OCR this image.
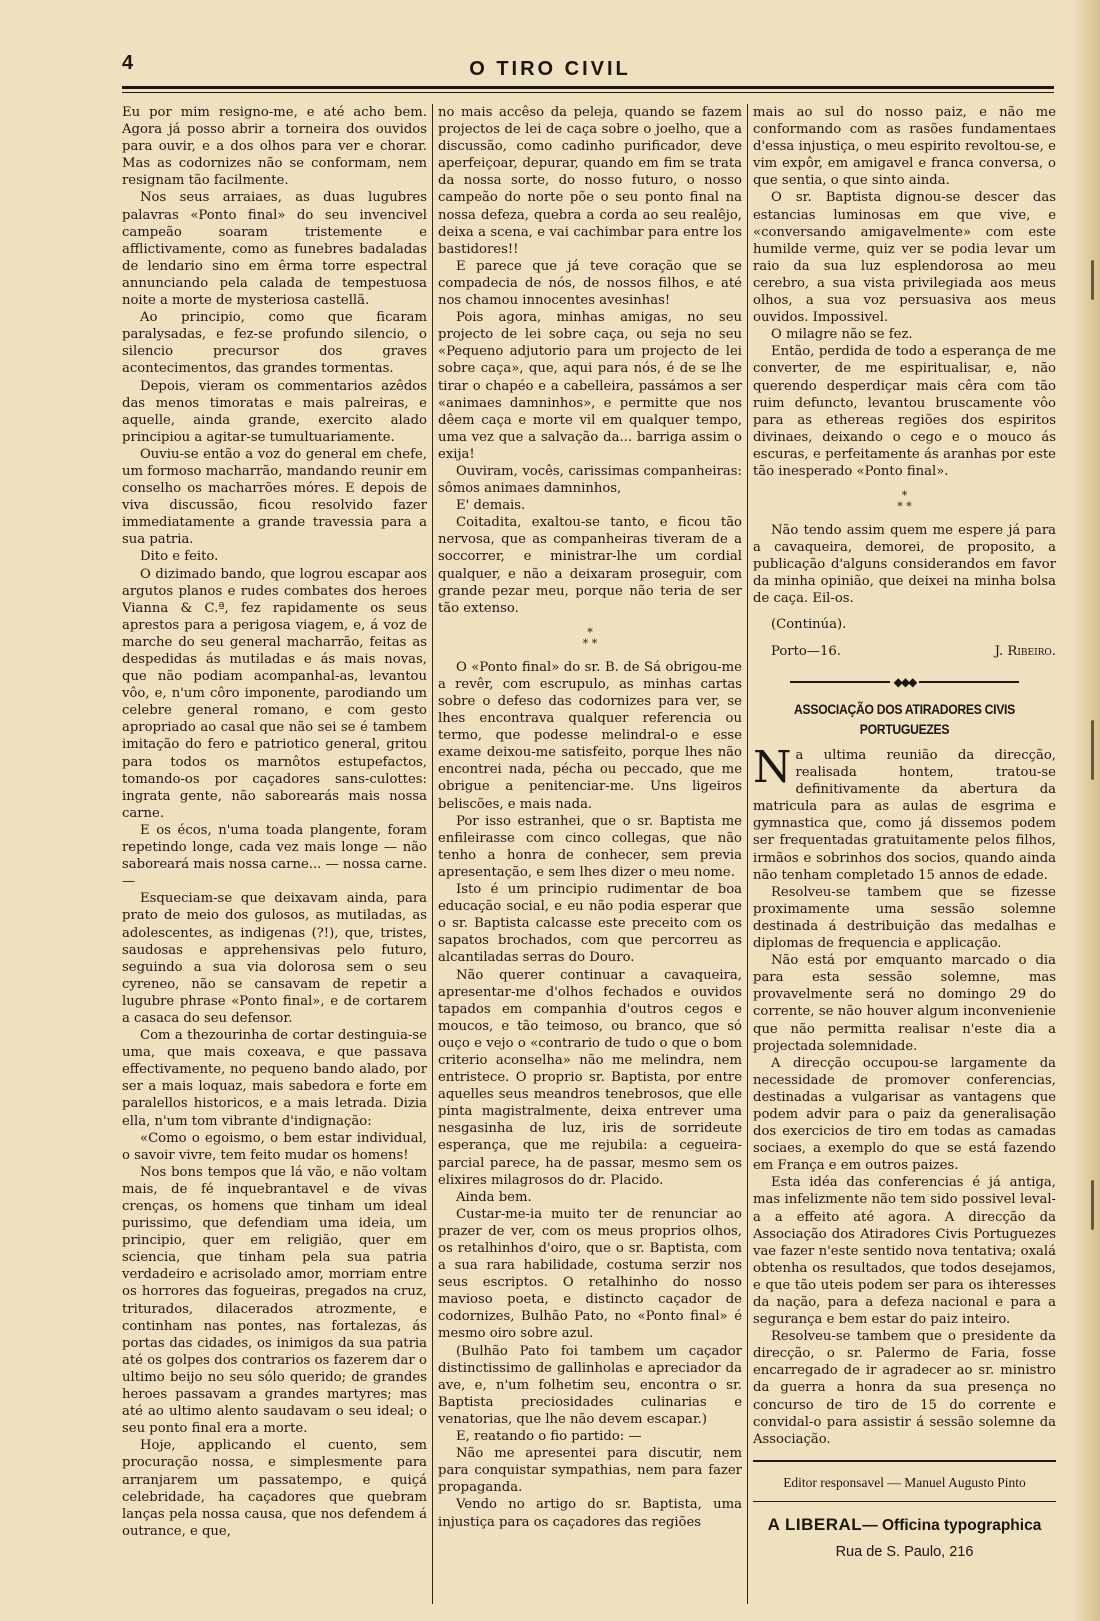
4	O TIRO CIVIL

Eu por mim resigno-me, e até acho bem. Agora já posso abrir a torneira dos ouvidos para ouvir, e a dos olhos para ver e chorar. Mas as codornizes não se conformam, nem resignam tão facilmente.

Nos seus arraiaes, as duas lugubres palavras «Ponto final» do seu invencivel campeão soaram tristemente e afflictivamente, como as funebres badaladas de lendario sino em êrma torre espectral annunciando pela calada de tempestuosa noite a morte de mysteriosa castellã.

Ao principio, como que ficaram paralysadas, e fez-se profundo silencio, o silencio precursor dos graves acontecimentos, das grandes tormentas.

Depois, vieram os commentarios azêdos das menos timoratas e mais palreiras, e aquelle, ainda grande, exercito alado principiou a agitar-se tumultuariamente.

Ouviu-se então a voz do general em chefe, um formoso macharrão, mandando reunir em conselho os macharrões móres. E depois de viva discussão, ficou resolvido fazer immediatamente a grande travessia para a sua patria.

Dito e feito.

O dizimado bando, que logrou escapar aos argutos planos e rudes combates dos heroes Vianna & C.ª, fez rapidamente os seus aprestos para a perigosa viagem, e, á voz de marche do seu general macharrão, feitas as despedidas ás mutiladas e ás mais novas, que não podiam acompanhal-as, levantou vôo, e, n'um côro imponente, parodiando um celebre general romano, e com gesto apropriado ao casal que não sei se é tambem imitação do fero e patriotico general, gritou para todos os marnôtos estupefactos, tomando-os por caçadores sans-culottes: ingrata gente, não saborearás mais nossa carne.

E os écos, n'uma toada plangente, foram repetindo longe, cada vez mais longe — não saboreará mais nossa carne... — nossa carne. —

Esqueciam-se que deixavam ainda, para prato de meio dos gulosos, as mutiladas, as adolescentes, as indigenas (?!), que, tristes, saudosas e apprehensivas pelo futuro, seguindo a sua via dolorosa sem o seu cyreneo, não se cansavam de repetir a lugubre phrase «Ponto final», e de cortarem a casaca do seu defensor.

Com a thezourinha de cortar destinguia-se uma, que mais coxeava, e que passava effectivamente, no pequeno bando alado, por ser a mais loquaz, mais sabedora e forte em paralellos historicos, e a mais letrada. Dizia ella, n'um tom vibrante d'indignação:

«Como o egoismo, o bem estar individual, o savoir vivre, tem feito mudar os homens!

Nos bons tempos que lá vão, e não voltam mais, de fé inquebrantavel e de vivas crenças, os homens que tinham um ideal purissimo, que defendiam uma ideia, um principio, quer em religião, quer em sciencia, que tinham pela sua patria verdadeiro e acrisolado amor, morriam entre os horrores das fogueiras, pregados na cruz, triturados, dilacerados atrozmente, e continham nas pontes, nas fortalezas, ás portas das cidades, os inimigos da sua patria até os golpes dos contrarios os fazerem dar o ultimo beijo no seu sólo querido; de grandes heroes passavam a grandes martyres; mas até ao ultimo alento saudavam o seu ideal; o seu ponto final era a morte.

Hoje, applicando el cuento, sem procuração nossa, e simplesmente para arranjarem um passatempo, e quiçá celebridade, ha caçadores que quebram lanças pela nossa causa, que nos defendem á outrance, e que,

no mais accêso da peleja, quando se fazem projectos de lei de caça sobre o joelho, que a discussão, como cadinho purificador, deve aperfeiçoar, depurar, quando em fim se trata da nossa sorte, do nosso futuro, o nosso campeão do norte põe o seu ponto final na nossa defeza, quebra a corda ao seu realêjo, deixa a scena, e vai cachimbar para entre los bastidores!!

E parece que já teve coração que se compadecia de nós, de nossos filhos, e até nos chamou innocentes avesinhas!

Pois agora, minhas amigas, no seu projecto de lei sobre caça, ou seja no seu «Pequeno adjutorio para um projecto de lei sobre caça», que, aqui para nós, é de se lhe tirar o chapéo e a cabelleira, passámos a ser «animaes damninhos», e permitte que nos dêem caça e morte vil em qualquer tempo, uma vez que a salvação da... barriga assim o exija!

Ouviram, vocês, carissimas companheiras: sômos animaes damninhos,

E' demais.

Coitadita, exaltou-se tanto, e ficou tão nervosa, que as companheiras tiveram de a soccorrer, e ministrar-lhe um cordial qualquer, e não a deixaram proseguir, com grande pezar meu, porque não teria de ser tão extenso.

*
* *

O «Ponto final» do sr. B. de Sá obrigou-me a revêr, com escrupulo, as minhas cartas sobre o defeso das codornizes para ver, se lhes encontrava qualquer referencia ou termo, que podesse melindral-o e esse exame deixou-me satisfeito, porque lhes não encontrei nada, pécha ou peccado, que me obrigue a penitenciar-me. Uns ligeiros beliscões, e mais nada.

Por isso estranhei, que o sr. Baptista me enfileirasse com cinco collegas, que não tenho a honra de conhecer, sem previa apresentação, e sem lhes dizer o meu nome.

Isto é um principio rudimentar de boa educação social, e eu não podia esperar que o sr. Baptista calcasse este preceito com os sapatos brochados, com que percorreu as alcantiladas serras do Douro.

Não querer continuar a cavaqueira, apresentar-me d'olhos fechados e ouvidos tapados em companhia d'outros cegos e moucos, e tão teimoso, ou branco, que só ouço e vejo o «contrario de tudo o que o bom criterio aconselha» não me melindra, nem entristece. O proprio sr. Baptista, por entre aquelles seus meandros tenebrosos, que elle pinta magistralmente, deixa entrever uma nesgasinha de luz, iris de sorrideute esperança, que me rejubila: a cegueira-parcial parece, ha de passar, mesmo sem os elixires milagrosos do dr. Placido.

Ainda bem.

Custar-me-ia muito ter de renunciar ao prazer de ver, com os meus proprios olhos, os retalhinhos d'oiro, que o sr. Baptista, com a sua rara habilidade, costuma serzir nos seus escriptos. O retalhinho do nosso mavioso poeta, e distincto caçador de codornizes, Bulhão Pato, no «Ponto final» é mesmo oiro sobre azul.

(Bulhão Pato foi tambem um caçador distinctissimo de gallinholas e apreciador da ave, e, n'um folhetim seu, encontra o sr. Baptista preciosidades culinarias e venatorias, que lhe não devem escapar.)

E, reatando o fio partido: —

Não me apresentei para discutir, nem para conquistar sympathias, nem para fazer propaganda.

Vendo no artigo do sr. Baptista, uma injustiça para os caçadores das regiões

mais ao sul do nosso paiz, e não me conformando com as rasões fundamentaes d'essa injustiça, o meu espirito revoltou-se, e vim expôr, em amigavel e franca conversa, o que sentia, o que sinto ainda.

O sr. Baptista dignou-se descer das estancias luminosas em que vive, e «conversando amigavelmente» com este humilde verme, quiz ver se podia levar um raio da sua luz esplendorosa ao meu cerebro, a sua vista privilegiada aos meus olhos, a sua voz persuasiva aos meus ouvidos. Impossivel.

O milagre não se fez.

Então, perdida de todo a esperança de me converter, de me espiritualisar, e, não querendo desperdiçar mais cêra com tão ruim defuncto, levantou bruscamente vôo para as ethereas regiões dos espiritos divinaes, deixando o cego e o mouco ás escuras, e perfeitamente ás aranhas por este tão inesperado «Ponto final».

*
* *

Não tendo assim quem me espere já para a cavaqueira, demorei, de proposito, a publicação d'alguns considerandos em favor da minha opinião, que deixei na minha bolsa de caça. Eil-os.

(Continúa).
Porto—16.	J. Ribeiro.
◆◆◆
ASSOCIAÇÃO DOS ATIRADORES CIVIS PORTUGUEZES

Na ultima reunião da direcção, realisada hontem, tratou-se definitivamente da abertura da matricula para as aulas de esgrima e gymnastica que, como já dissemos podem ser frequentadas gratuitamente pelos filhos, irmãos e sobrinhos dos socios, quando ainda não tenham completado 15 annos de edade.

Resolveu-se tambem que se fizesse proximamente uma sessão solemne destinada á destribuição das medalhas e diplomas de frequencia e applicação.

Não está por emquanto marcado o dia para esta sessão solemne, mas provavelmente será no domingo 29 do corrente, se não houver algum inconvenienie que não permitta realisar n'este dia a projectada solemnidade.

A direcção occupou-se largamente da necessidade de promover conferencias, destinadas a vulgarisar as vantagens que podem advir para o paiz da generalisação dos exercicios de tiro em todas as camadas sociaes, a exemplo do que se está fazendo em França e em outros paizes.

Esta idéa das conferencias é já antiga, mas infelizmente não tem sido possivel leval-a a effeito até agora. A direcção da Associação dos Atiradores Civis Portuguezes vae fazer n'este sentido nova tentativa; oxalá obtenha os resultados, que todos desejamos, e que tão uteis podem ser para os ihteresses da nação, para a defeza nacional e para a segurança e bem estar do paiz inteiro.

Resolveu-se tambem que o presidente da direcção, o sr. Palermo de Faria, fosse encarregado de ir agradecer ao sr. ministro da guerra a honra da sua presença no concurso de tiro de 15 do corrente e convidal-o para assistir á sessão solemne da Associação.

Editor responsavel — Manuel Augusto Pinto
A LIBERAL— Officina typographica
Rua de S. Paulo, 216
